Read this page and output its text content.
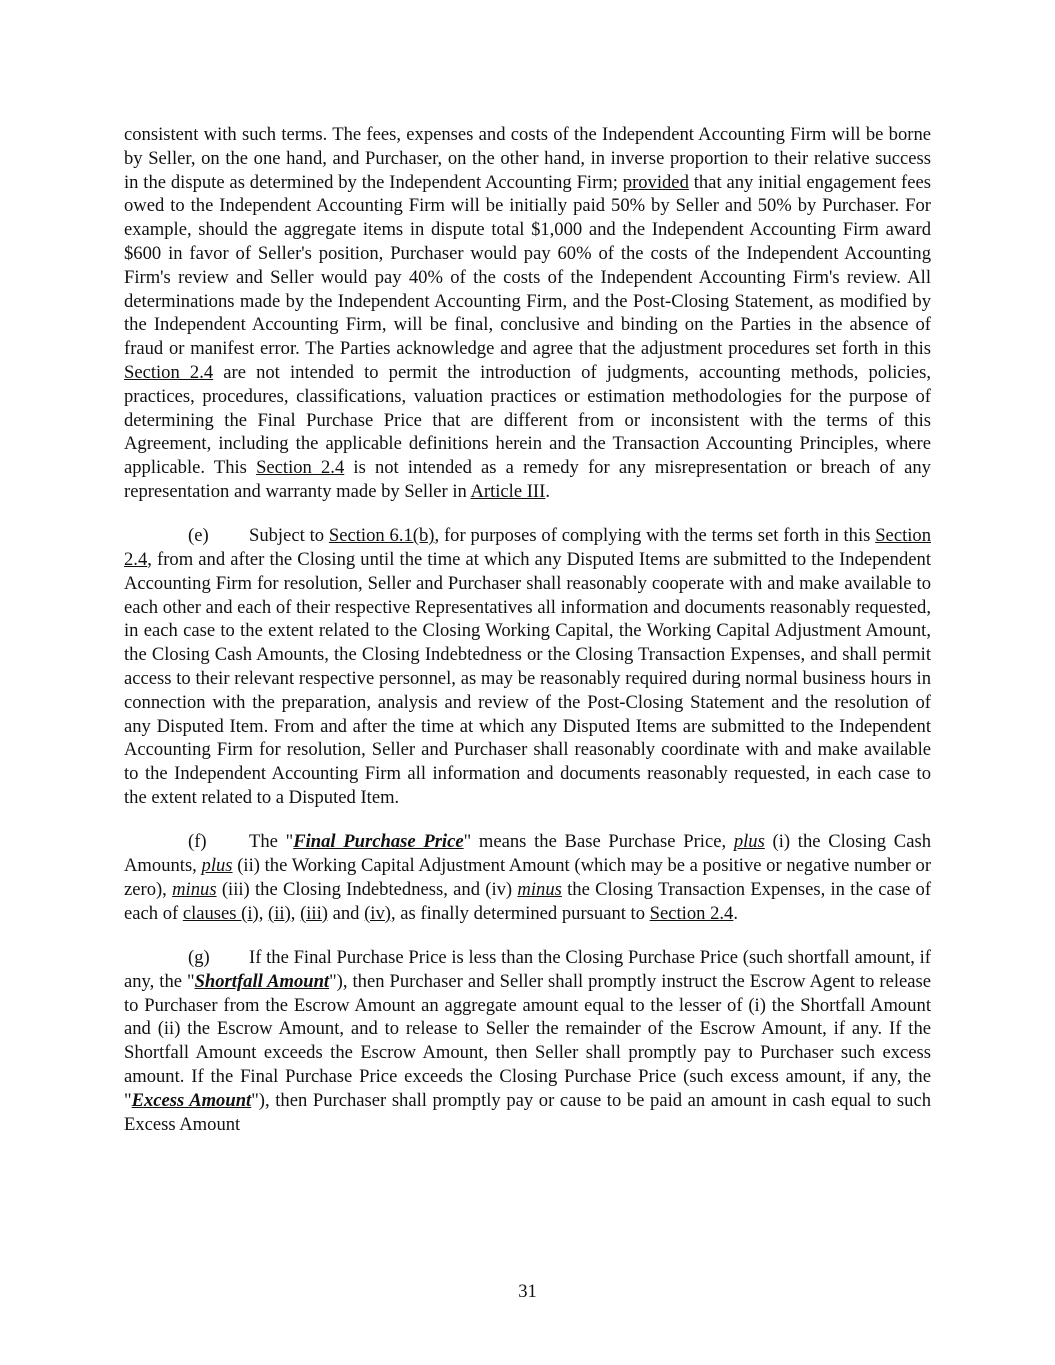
consistent with such terms. The fees, expenses and costs of the Independent Accounting Firm will be borne by Seller, on the one hand, and Purchaser, on the other hand, in inverse proportion to their relative success in the dispute as determined by the Independent Accounting Firm; provided that any initial engagement fees owed to the Independent Accounting Firm will be initially paid 50% by Seller and 50% by Purchaser. For example, should the aggregate items in dispute total $1,000 and the Independent Accounting Firm award $600 in favor of Seller's position, Purchaser would pay 60% of the costs of the Independent Accounting Firm's review and Seller would pay 40% of the costs of the Independent Accounting Firm's review. All determinations made by the Independent Accounting Firm, and the Post-Closing Statement, as modified by the Independent Accounting Firm, will be final, conclusive and binding on the Parties in the absence of fraud or manifest error. The Parties acknowledge and agree that the adjustment procedures set forth in this Section 2.4 are not intended to permit the introduction of judgments, accounting methods, policies, practices, procedures, classifications, valuation practices or estimation methodologies for the purpose of determining the Final Purchase Price that are different from or inconsistent with the terms of this Agreement, including the applicable definitions herein and the Transaction Accounting Principles, where applicable. This Section 2.4 is not intended as a remedy for any misrepresentation or breach of any representation and warranty made by Seller in Article III.

(e) Subject to Section 6.1(b), for purposes of complying with the terms set forth in this Section 2.4, from and after the Closing until the time at which any Disputed Items are submitted to the Independent Accounting Firm for resolution, Seller and Purchaser shall reasonably cooperate with and make available to each other and each of their respective Representatives all information and documents reasonably requested, in each case to the extent related to the Closing Working Capital, the Working Capital Adjustment Amount, the Closing Cash Amounts, the Closing Indebtedness or the Closing Transaction Expenses, and shall permit access to their relevant respective personnel, as may be reasonably required during normal business hours in connection with the preparation, analysis and review of the Post-Closing Statement and the resolution of any Disputed Item. From and after the time at which any Disputed Items are submitted to the Independent Accounting Firm for resolution, Seller and Purchaser shall reasonably coordinate with and make available to the Independent Accounting Firm all information and documents reasonably requested, in each case to the extent related to a Disputed Item.

(f) The "Final Purchase Price" means the Base Purchase Price, plus (i) the Closing Cash Amounts, plus (ii) the Working Capital Adjustment Amount (which may be a positive or negative number or zero), minus (iii) the Closing Indebtedness, and (iv) minus the Closing Transaction Expenses, in the case of each of clauses (i), (ii), (iii) and (iv), as finally determined pursuant to Section 2.4.

(g) If the Final Purchase Price is less than the Closing Purchase Price (such shortfall amount, if any, the "Shortfall Amount"), then Purchaser and Seller shall promptly instruct the Escrow Agent to release to Purchaser from the Escrow Amount an aggregate amount equal to the lesser of (i) the Shortfall Amount and (ii) the Escrow Amount, and to release to Seller the remainder of the Escrow Amount, if any. If the Shortfall Amount exceeds the Escrow Amount, then Seller shall promptly pay to Purchaser such excess amount. If the Final Purchase Price exceeds the Closing Purchase Price (such excess amount, if any, the "Excess Amount"), then Purchaser shall promptly pay or cause to be paid an amount in cash equal to such Excess Amount

31
